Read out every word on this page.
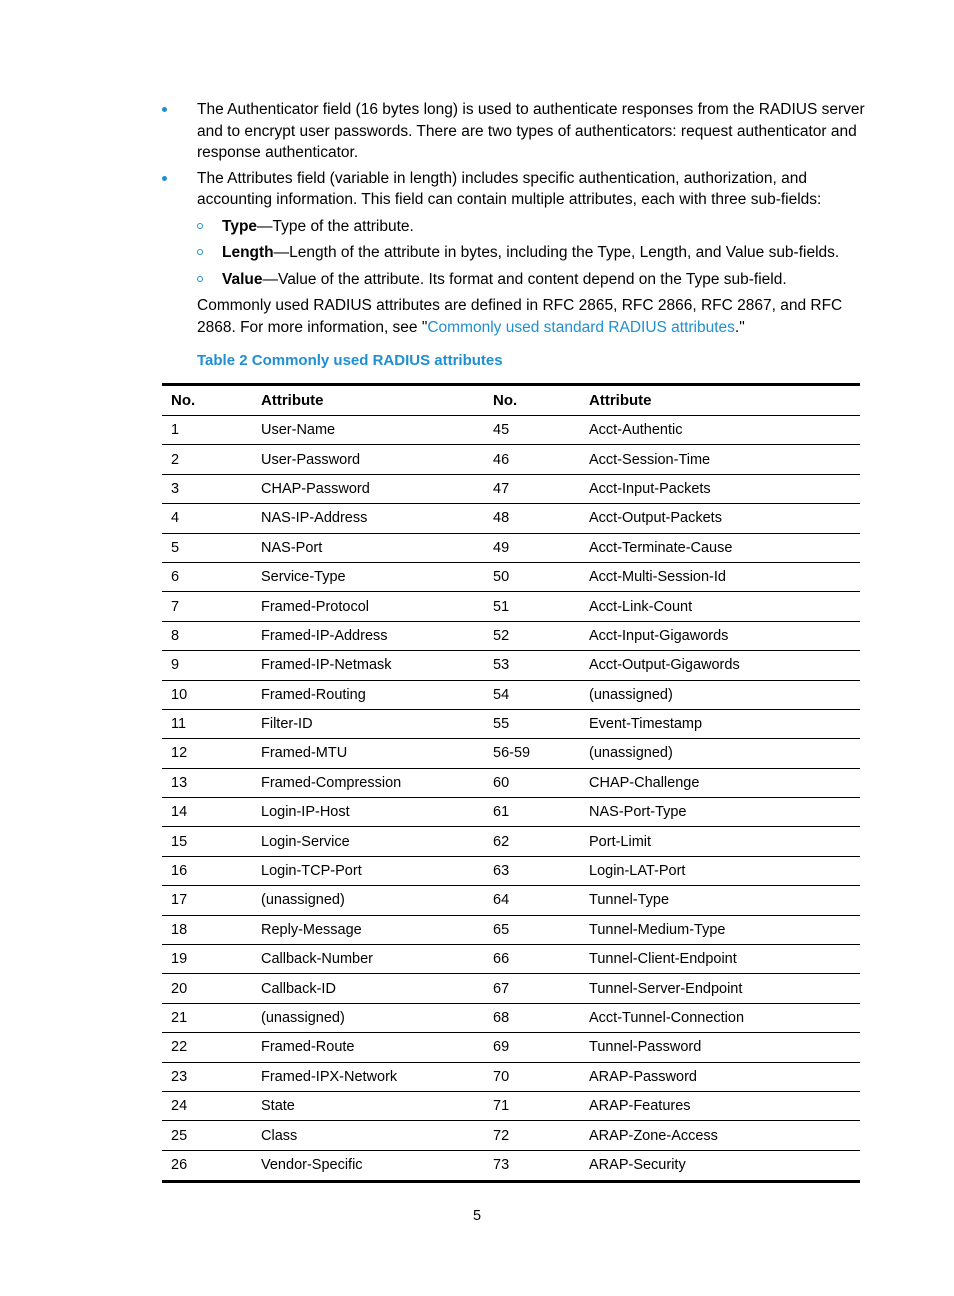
The Authenticator field (16 bytes long) is used to authenticate responses from the RADIUS server and to encrypt user passwords. There are two types of authenticators: request authenticator and response authenticator.
The Attributes field (variable in length) includes specific authentication, authorization, and accounting information. This field can contain multiple attributes, each with three sub-fields:
Type—Type of the attribute.
Length—Length of the attribute in bytes, including the Type, Length, and Value sub-fields.
Value—Value of the attribute. Its format and content depend on the Type sub-field.
Commonly used RADIUS attributes are defined in RFC 2865, RFC 2866, RFC 2867, and RFC 2868. For more information, see "Commonly used standard RADIUS attributes."
Table 2 Commonly used RADIUS attributes
No.	Attribute	No.	Attribute
1	User-Name	45	Acct-Authentic
2	User-Password	46	Acct-Session-Time
3	CHAP-Password	47	Acct-Input-Packets
4	NAS-IP-Address	48	Acct-Output-Packets
5	NAS-Port	49	Acct-Terminate-Cause
6	Service-Type	50	Acct-Multi-Session-Id
7	Framed-Protocol	51	Acct-Link-Count
8	Framed-IP-Address	52	Acct-Input-Gigawords
9	Framed-IP-Netmask	53	Acct-Output-Gigawords
10	Framed-Routing	54	(unassigned)
11	Filter-ID	55	Event-Timestamp
12	Framed-MTU	56-59	(unassigned)
13	Framed-Compression	60	CHAP-Challenge
14	Login-IP-Host	61	NAS-Port-Type
15	Login-Service	62	Port-Limit
16	Login-TCP-Port	63	Login-LAT-Port
17	(unassigned)	64	Tunnel-Type
18	Reply-Message	65	Tunnel-Medium-Type
19	Callback-Number	66	Tunnel-Client-Endpoint
20	Callback-ID	67	Tunnel-Server-Endpoint
21	(unassigned)	68	Acct-Tunnel-Connection
22	Framed-Route	69	Tunnel-Password
23	Framed-IPX-Network	70	ARAP-Password
24	State	71	ARAP-Features
25	Class	72	ARAP-Zone-Access
26	Vendor-Specific	73	ARAP-Security
5
